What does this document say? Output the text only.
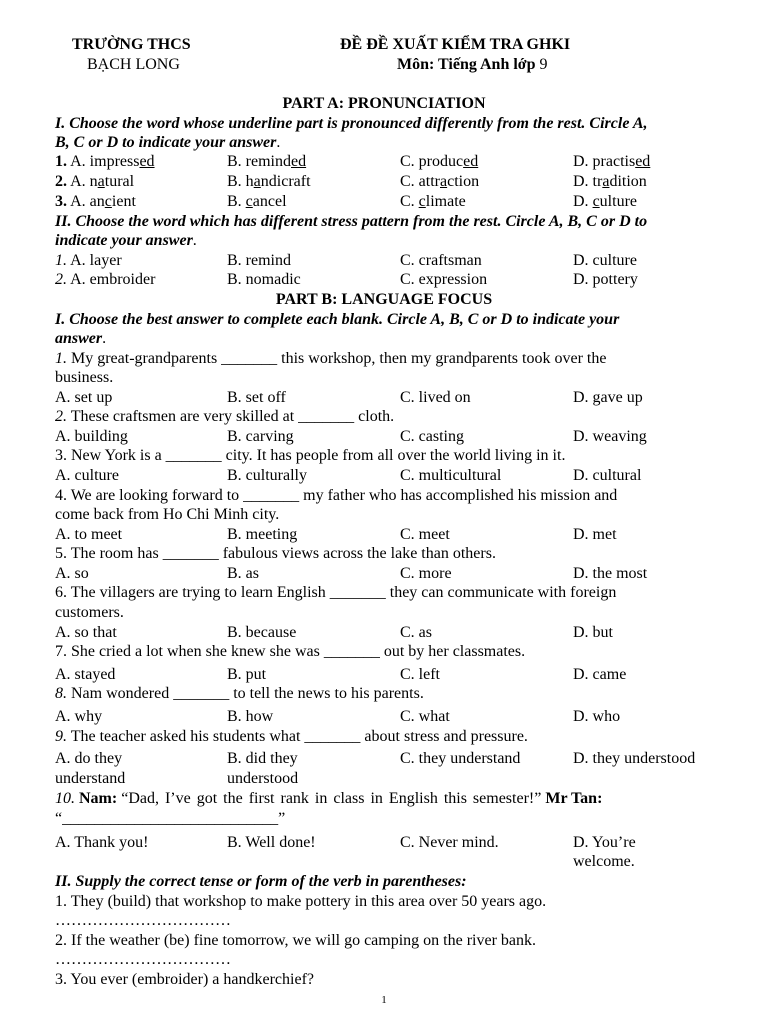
TRƯỜNG THCS
BẠCH LONG
ĐỀ ĐỀ XUẤT KIỂM TRA GHKI
Môn: Tiếng Anh lớp 9
PART A: PRONUNCIATION
I. Choose the word whose underline part is pronounced differently from the rest. Circle A,
B, C or D to indicate your answer.
1. A. impressed	B. reminded	C. produced	D. practised
2. A. natural	B. handicraft	C. attraction	D. tradition
3. A. ancient	B. cancel	C. climate	D. culture
II. Choose the word which has different stress pattern from the rest. Circle A, B, C or D to
indicate your answer.
1. A. layer	B. remind	C. craftsman	D. culture
2. A. embroider	B. nomadic	C. expression	D. pottery
PART B: LANGUAGE FOCUS
I. Choose the best answer to complete each blank. Circle A, B, C or D to indicate your
answer.
1. My great-grandparents _______ this workshop, then my grandparents took over the
business.
A. set up	B. set off	C. lived on	D. gave up
2. These craftsmen are very skilled at _______ cloth.
A. building	B. carving	C. casting	D. weaving
3. New York is a _______ city. It has people from all over the world living in it.
A. culture	B. culturally	C. multicultural	D. cultural
4. We are looking forward to _______ my father who has accomplished his mission and
come back from Ho Chi Minh city.
A. to meet	B. meeting	C. meet	D. met
5. The room has _______ fabulous views across the lake than others.
A. so	B. as	C. more	D. the most
6. The villagers are trying to learn English _______ they can communicate with foreign
customers.
A. so that	B. because	C. as	D. but
7. She cried a lot when she knew she was _______ out by her classmates.
A. stayed	B. put	C. left	D. came
8. Nam wondered _______ to tell the news to his parents.
A. why	B. how	C. what	D. who
9. The teacher asked his students what _______ about stress and pressure.
A. do they	B. did they	C. they understand	D. they understood
understand	understood
10. Nam: “Dad, I’ve got the first rank in class in English this semester!” Mr Tan:
“___________________________”
A. Thank you!	B. Well done!	C. Never mind.	D. You’re
welcome.
II. Supply the correct tense or form of the verb in parentheses:
1. They (build) that workshop to make pottery in this area over 50 years ago.
……………………………
2. If the weather (be) fine tomorrow, we will go camping on the river bank.
……………………………
3. You ever (embroider) a handkerchief?
1
